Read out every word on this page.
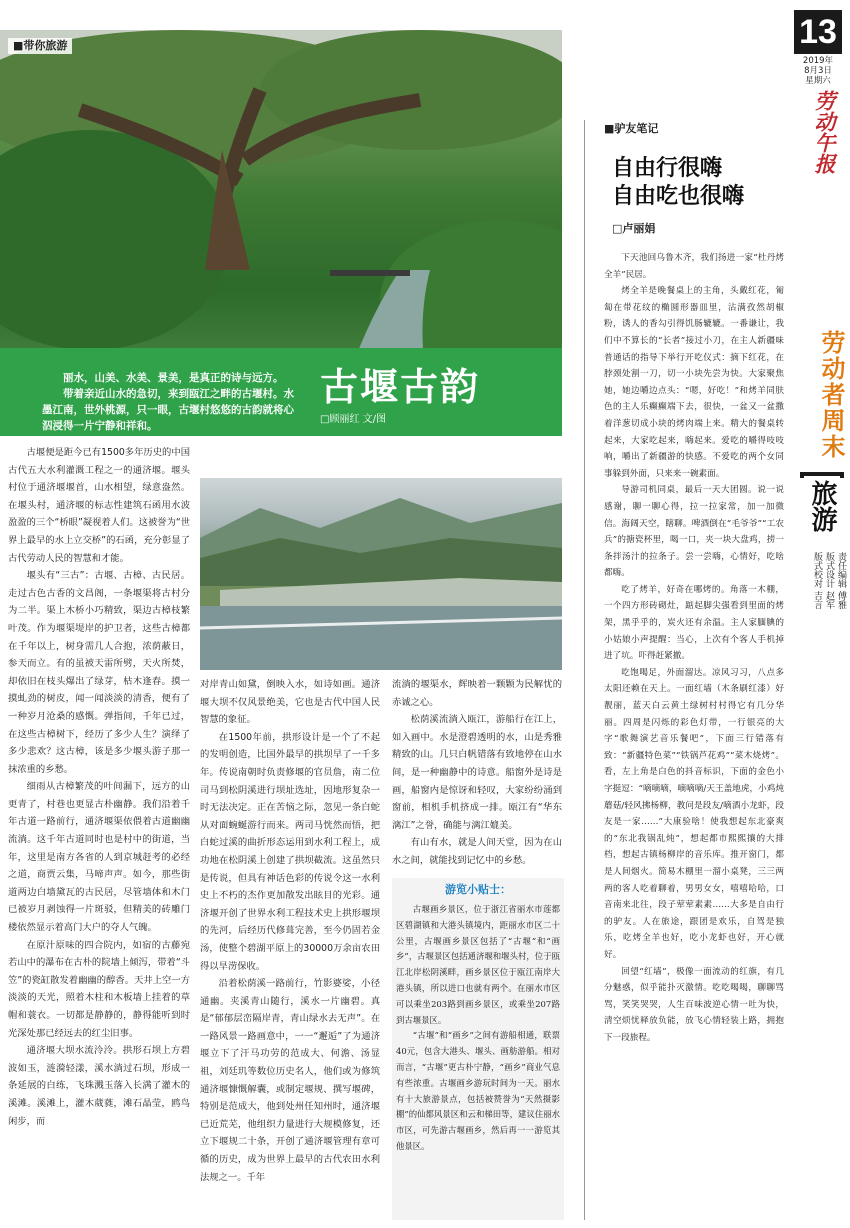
13
2019年
8月3日
星期六
劳动午报
劳动者周末
旅游
责任编辑 傅雅
版式设计 赵军
版式校对 吉言
■带你旅游
丽水，山美、水美、景美，是真正的诗与远方。
带着亲近山水的急切，来到瓯江之畔的古堰村。水墨江南，世外桃源，只一眼，古堰村悠悠的古韵就将心泅浸得一片宁静和祥和。
古堰古韵
□顾丽红 文/图

古堰便是距今已有1500多年历史的中国古代五大水利灌溉工程之一的通济堰。堰头村位于通济堰堰首，山水相望，绿意盎然。在堰头村，通济堰的标志性建筑石函用水波盈盈的三个“桥眼”凝视着人们。这被誉为“世界上最早的水上立交桥”的石函，充分彰显了古代劳动人民的智慧和才能。

堰头有“三古”：古堰、古樟、古民居。走过古色古香的文昌阁，一条堰渠将古村分为二半。渠上木桥小巧精致，渠边古樟枝繁叶茂。作为堰渠堤岸的护卫者，这些古樟都在千年以上，树身需几人合抱，浓荫蔽日，参天而立。有的虽被天雷所劈，天火所焚，却依旧在枝头爆出了绿芽，枯木逢春。摸一摸虬劲的树皮，闻一闻淡淡的清香，便有了一种岁月沧桑的感慨。弹指间，千年已过，在这些古樟树下，经历了多少人生？演绎了多少悲欢？这古樟，该是多少堰头游子那一抹浓重的乡愁。

细雨从古樟繁茂的叶间漏下，远方的山更青了，村巷也更显古朴幽静。我们沿着千年古道一路前行，通济堰渠依偎着古道幽幽流淌。这千年古道同时也是村中的街道，当年，这里是南方各省的人到京城赶考的必经之道，商贾云集，马啼声声。如今，那些街道两边白墙黛瓦的古民居，尽管墙体和木门已被岁月剥蚀得一片斑驳，但精美的砖雕门楼依然显示着高门大户的夺人气魄。

在原汁原味的四合院内，如宿的古藤宛若山中的瀑布在古朴的院墙上倾泻，带着“斗笠”的瓷缸散发着幽幽的醇香。天井上空一方淡淡的天光，照着木柱和木板墙上挂着的草帽和蓑衣。一切都是静静的，静得能听到时光深处那已经远去的红尘旧事。

通济堰大坝水流泠泠。拱形石坝上方碧波如玉，涟漪轻漾，溪水淌过石坝，形成一条延展的白练，飞珠溅玉落入长满了灌木的溪滩。溪滩上，灌木葳蕤，滩石晶莹，鸥鸟闲步，而

对岸青山如黛，倒映入水，如诗如画。通济堰大坝不仅风景绝美，它也是古代中国人民智慧的象征。

在1500年前，拱形设计是一个了不起的发明创造，比国外最早的拱坝早了一千多年。传说南朝时负责修堰的官员詹，南二位司马到松阴溪进行坝址选址，因地形复杂一时无法决定。正在苦恼之际，忽见一条白蛇从对面蜿蜒游行而来。两司马恍然而悟，把白蛇过溪的曲折形态运用到水利工程上，成功地在松阴溪上创建了拱坝截流。这虽然只是传说，但具有神话色彩的传说令这一水利史上不朽的杰作更加散发出眩目的光彩。通济堰开创了世界水利工程技术史上拱形堰坝的先河，后经历代修葺完善，至今仍固若金汤，使整个碧湖平原上的30000万余亩农田得以旱涝保收。

沿着松荫溪一路前行，竹影婆娑，小径通幽。夹溪青山随行，溪水一片幽碧。真是“郁郁层峦隔岸青，青山绿水去无声”。在一路风景一路画意中，一一“邂逅”了为通济堰立下了汗马功劳的范成大、何澹、汤显祖，刘廷玑等数位历史名人，他们或为修筑通济堰慷慨解囊，或制定堰规、撰写堰碑，特别是范成大，他到处州任知州时，通济堰已近荒芜，他组织力量进行大规模修复，还立下堰规二十条，开创了通济堰管理有章可循的历史，成为世界上最早的古代农田水利法规之一。千年

流淌的堰渠水，辉映着一颗颗为民解忧的赤诚之心。

松荫溪流淌入瓯江，游船行在江上，如入画中。水是澄碧透明的水，山是秀雅精致的山。几只白帆错落有致地停在山水间，是一种幽静中的诗意。船窗外是诗是画，船窗内是惊讶和轻叹，大家纷纷涌到窗前，相机手机挤成一排。瓯江有“华东漓江”之誉，确能与漓江媲美。

有山有水，就是人间天堂，因为在山水之间，就能找到记忆中的乡愁。

游览小贴士：

古堰画乡景区，位于浙江省丽水市莲都区碧湖镇和大港头镇境内，距丽水市区二十公里，古堰画乡景区包括了“古堰”和“画乡”，古堰景区包括通济堰和堰头村，位于瓯江北岸松阴溪畔，画乡景区位于瓯江南岸大港头镇，所以进口也就有两个。在丽水市区可以乘坐203路到画乡景区，或乘坐207路到古堰景区。

“古堰”和“画乡”之间有游船相通，联票40元，包含大港头、堰头、画舫游船。相对而言，“古堰”更古朴宁静，“画乡”商业气息有些浓重。古堰画乡游玩时间为一天。丽水有十大旅游景点，包括被赞誉为“天然摄影棚”的仙都风景区和云和梯田等，建议住丽水市区，可先游古堰画乡，然后再一一游览其他景区。

■驴友笔记
自由行很嗨
自由吃也很嗨
□卢丽娟

下天池回乌鲁木齐，我们扬进一家“杜丹烤全羊”民居。

烤全羊是晚餐桌上的主角，头戴红花，匍匐在带花纹的椭圆形器皿里，沾满孜然胡椒粉，诱人的香勾引得饥肠辘辘。一番谦让，我们中不算长的“长者”接过小刀，在主人新疆味普通话的指导下举行开吃仪式：摘下红花，在脖颈处割一刀，切一小块先尝为快。大家聚焦她，她边嚼边点头：“嗯，好吃！”和烤羊同肤色的主人乐癫癫端下去，很快，一盆又一盆撒着洋葱切成小块的烤肉端上来。精大的餐桌转起来，大家吃起来，嗨起来。爱吃的嚼得吱吱响，嚼出了新疆游的快感。不爱吃的两个女同事躲到外面，只来来一碗素面。

导游司机同桌，最后一天大团圆。说一说感谢，聊一聊心得，拉一拉家常，加一加微信。海阔天空，瞎聊。啤酒倒在“毛爷爷”“工农兵”的搪瓷杯里，喝一口，夹一块大盘鸡，捞一条拌汤汁的拉条子。尝一尝嗨，心情好，吃啥都嗨。

吃了烤羊，好奇在哪烤的。角落一木棚，一个四方形砖砌灶，踮起脚尖强看到里面的烤架，黑乎乎的，炭火还有余温。主人家腼腆的小姑娘小声提醒：当心，上次有个客人手机掉进了坑。吓得赶紧撤。

吃饱喝足，外面溜达。凉风习习，八点多太阳还赖在天上。一面红墙（木条刷红漆）好靓丽，蓝天白云黄土绿树村村得它有几分华丽。四周是闪烁的彩色灯带，一行银亮的大字“歌舞演艺音乐餐吧”，下面三行错落有致：“新疆特色菜”“铁锅芦花鸡”“菜木烧烤”。看，左上角是白色的抖音标识，下面的金色小字挺逗：“嘀嘀嘀，嘀嘀嘀/天王盖地虎，小鸡炖蘑菇/轻风拂杨柳，教问是段友/嘀酒小龙虾，段友是一家……”大康验啥！使我想起东北豪爽的“东北我锅乱炖”，想起都市熙熙攘的大排档，想起古镇杨柳岸的音乐库。推开窗门，都是人间烟火。简易木棚里一溜小桌凳，三三两两的客人吃着聊着，男男女女，嘻嘻哈哈，口音南来北往，段子荤荤素素……大多是自由行的驴友。人在旅途，跟团是欢乐，自驾是独乐，吃烤全羊也好，吃小龙虾也好，开心就好。

回望“红墙”，极像一面流动的红旗，有几分魅惑，似乎能扑灭激情。吃吃喝喝，聊聊骂骂，笑笑哭哭，人生百味波逆心情一吐为快，清空烦忧释放负能，放飞心情轻装上路，拥抱下一段旅程。
